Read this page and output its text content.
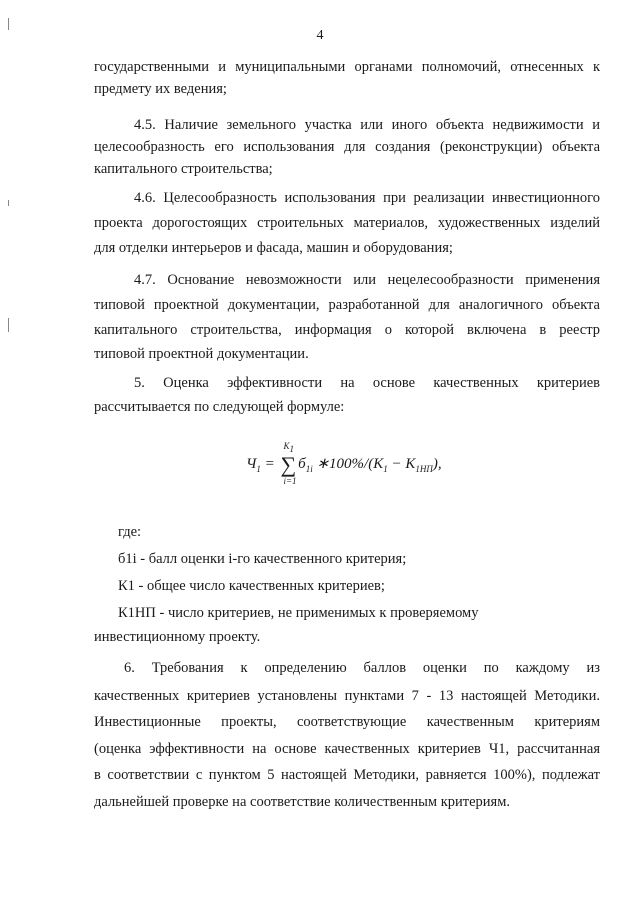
4
государственными и муниципальными органами полномочий, отнесенных к
предмету их ведения;
4.5. Наличие земельного участка или иного объекта недвижимости и
целесообразность его использования для создания (реконструкции) объекта
капитального строительства;
4.6. Целесообразность использования при реализации инвестиционного
проекта дорогостоящих строительных материалов, художественных изделий
для отделки интерьеров и фасада, машин и оборудования;
4.7. Основание невозможности или нецелесообразности применения
типовой проектной документации, разработанной для аналогичного объекта
капитального строительства, информация о которой включена в реестр
типовой проектной документации.
5. Оценка эффективности на основе качественных критериев
рассчитывается по следующей формуле:
$Ч_1$ = ∑
$K_1$
i=1
$б_{1i}$ $∗100\%/(K_1 - K_{1НП})$,
где:
б1i - балл оценки i-го качественного критерия;
К1 - общее число качественных критериев;
К1НП - число критериев, не применимых к проверяемому
инвестиционному проекту.
6. Требования к определению баллов оценки по каждому из
качественных критериев установлены пунктами 7 - 13 настоящей Методики.
Инвестиционные проекты, соответствующие качественным критериям
(оценка эффективности на основе качественных критериев Ч1, рассчитанная
в соответствии с пунктом 5 настоящей Методики, равняется 100%), подлежат
дальнейшей проверке на соответствие количественным критериям.
